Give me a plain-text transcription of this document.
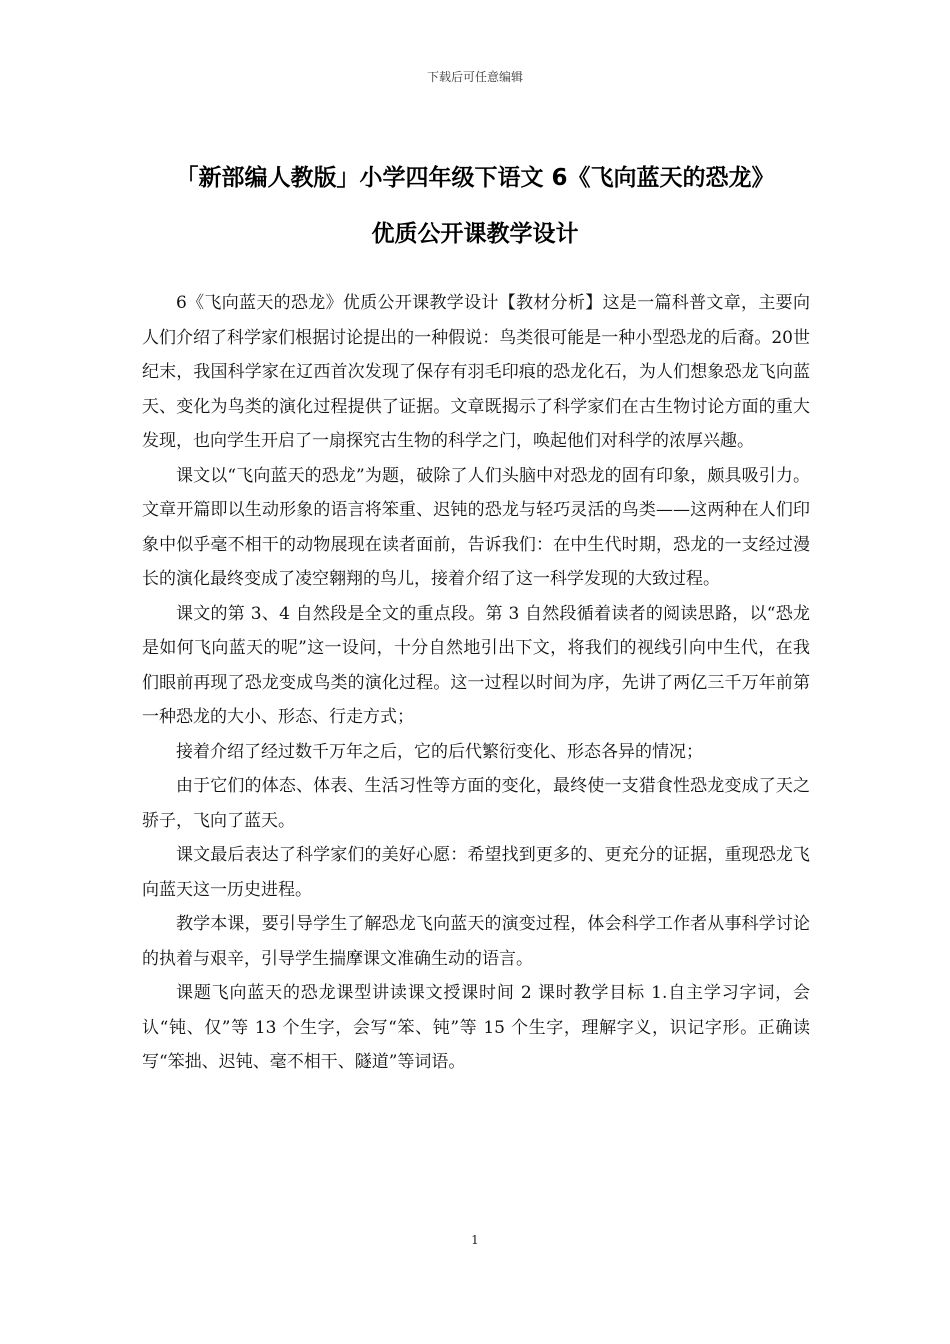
下载后可任意编辑
「新部编人教版」小学四年级下语文 6《飞向蓝天的恐龙》
优质公开课教学设计

6《飞向蓝天的恐龙》优质公开课教学设计【教材分析】这是一篇科普文章，主要向人们介绍了科学家们根据讨论提出的一种假说：鸟类很可能是一种小型恐龙的后裔。20世纪末，我国科学家在辽西首次发现了保存有羽毛印痕的恐龙化石，为人们想象恐龙飞向蓝天、变化为鸟类的演化过程提供了证据。文章既揭示了科学家们在古生物讨论方面的重大发现，也向学生开启了一扇探究古生物的科学之门，唤起他们对科学的浓厚兴趣。

课文以“飞向蓝天的恐龙”为题，破除了人们头脑中对恐龙的固有印象，颇具吸引力。文章开篇即以生动形象的语言将笨重、迟钝的恐龙与轻巧灵活的鸟类——这两种在人们印象中似乎毫不相干的动物展现在读者面前，告诉我们：在中生代时期，恐龙的一支经过漫长的演化最终变成了凌空翱翔的鸟儿，接着介绍了这一科学发现的大致过程。

课文的第 3、4 自然段是全文的重点段。第 3 自然段循着读者的阅读思路，以“恐龙是如何飞向蓝天的呢”这一设问，十分自然地引出下文，将我们的视线引向中生代，在我们眼前再现了恐龙变成鸟类的演化过程。这一过程以时间为序，先讲了两亿三千万年前第一种恐龙的大小、形态、行走方式；

接着介绍了经过数千万年之后，它的后代繁衍变化、形态各异的情况；

由于它们的体态、体表、生活习性等方面的变化，最终使一支猎食性恐龙变成了天之骄子，飞向了蓝天。

课文最后表达了科学家们的美好心愿：希望找到更多的、更充分的证据，重现恐龙飞向蓝天这一历史进程。

教学本课，要引导学生了解恐龙飞向蓝天的演变过程，体会科学工作者从事科学讨论的执着与艰辛，引导学生揣摩课文准确生动的语言。

课题飞向蓝天的恐龙课型讲读课文授课时间 2 课时教学目标 1.自主学习字词，会认“钝、仅”等 13 个生字，会写“笨、钝”等 15 个生字，理解字义，识记字形。正确读写“笨拙、迟钝、毫不相干、隧道”等词语。

1
